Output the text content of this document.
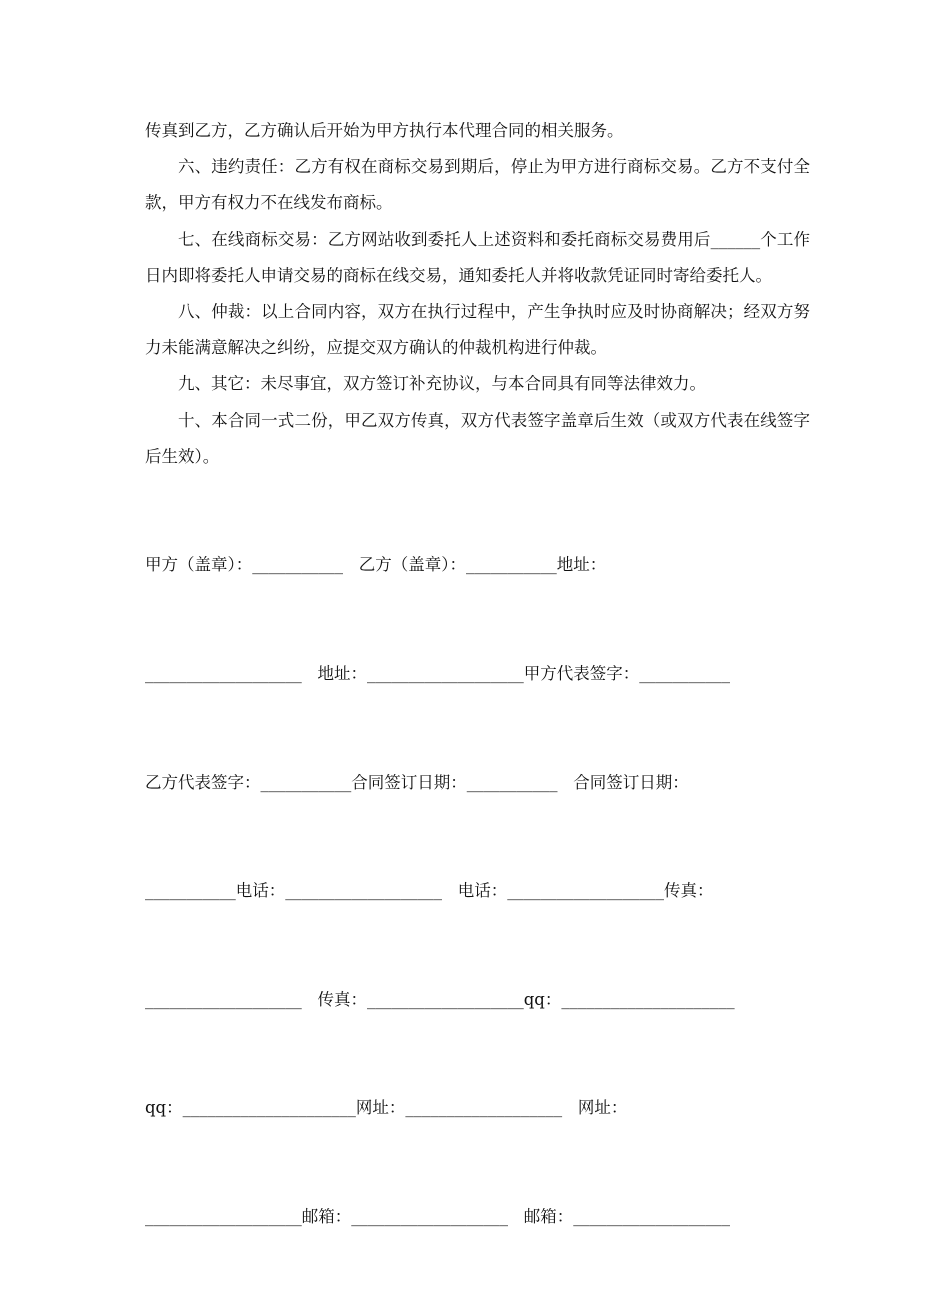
传真到乙方，乙方确认后开始为甲方执行本代理合同的相关服务。

六、违约责任：乙方有权在商标交易到期后，停止为甲方进行商标交易。乙方不支付全款，甲方有权力不在线发布商标。

七、在线商标交易：乙方网站收到委托人上述资料和委托商标交易费用后______个工作日内即将委托人申请交易的商标在线交易，通知委托人并将收款凭证同时寄给委托人。

八、仲裁：以上合同内容，双方在执行过程中，产生争执时应及时协商解决；经双方努力未能满意解决之纠纷，应提交双方确认的仲裁机构进行仲裁。

九、其它：未尽事宜，双方签订补充协议，与本合同具有同等法律效力。

十、本合同一式二份，甲乙双方传真，双方代表签字盖章后生效（或双方代表在线签字后生效）。

甲方（盖章）：___________   乙方（盖章）：___________地址：

___________________   地址：___________________甲方代表签字：___________

乙方代表签字：___________合同签订日期：___________   合同签订日期：

___________电话：___________________   电话：___________________传真：

___________________   传真：___________________qq：_____________________

qq：_____________________网址：___________________   网址：

___________________邮箱：___________________   邮箱：___________________
